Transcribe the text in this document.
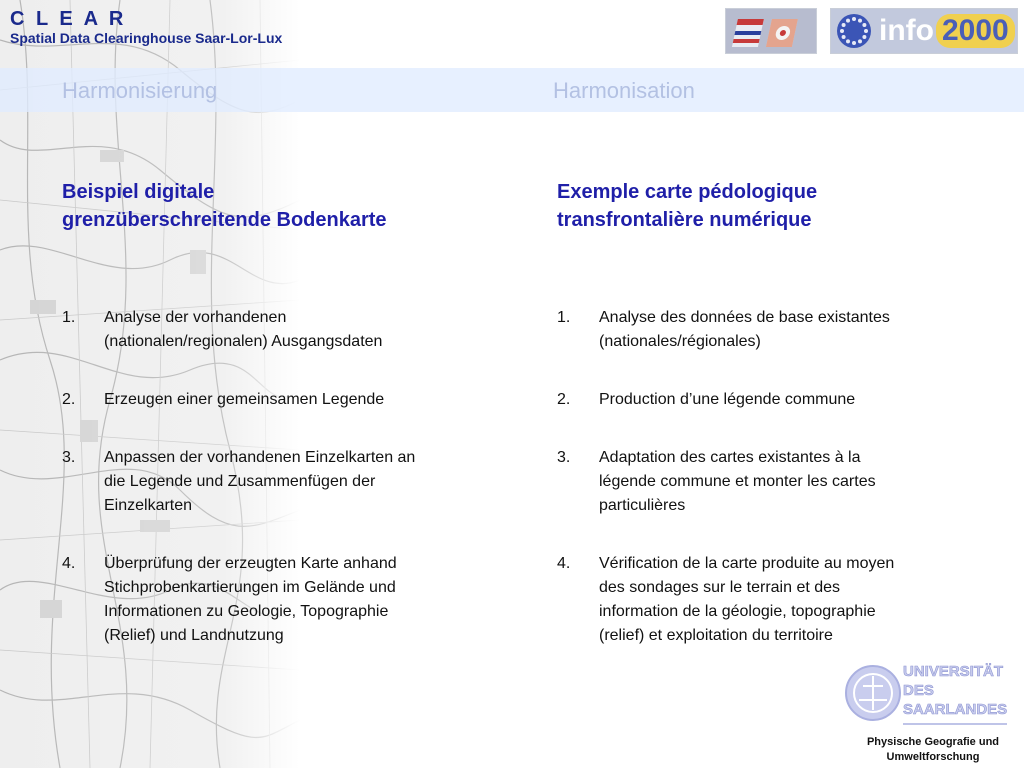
C L E A R
Spatial Data Clearinghouse Saar-Lor-Lux	info 2000
Harmonisierung	Harmonisation
Beispiel digitale
grenzüberschreitende Bodenkarte
Exemple carte pédologique
transfrontalière numérique
1.	Analyse der vorhandenen
(nationalen/regionalen) Ausgangsdaten
2.	Erzeugen einer gemeinsamen Legende
3.	Anpassen der vorhandenen Einzelkarten an
die Legende und Zusammenfügen der
Einzelkarten
4.	Überprüfung der erzeugten Karte anhand
Stichprobenkartierungen im Gelände und
Informationen zu Geologie, Topographie
(Relief) und Landnutzung
1.	Analyse des données de base existantes
(nationales/régionales)
2.	Production d’une légende commune
3.	Adaptation des cartes existantes à la
légende commune et monter les cartes
particulières
4.	Vérification de la carte produite au moyen
des sondages sur le terrain et des
information de la géologie, topographie
(relief) et exploitation du territoire
UNIVERSITÄT
DES
SAARLANDES
Physische Geografie und
Umweltforschung
